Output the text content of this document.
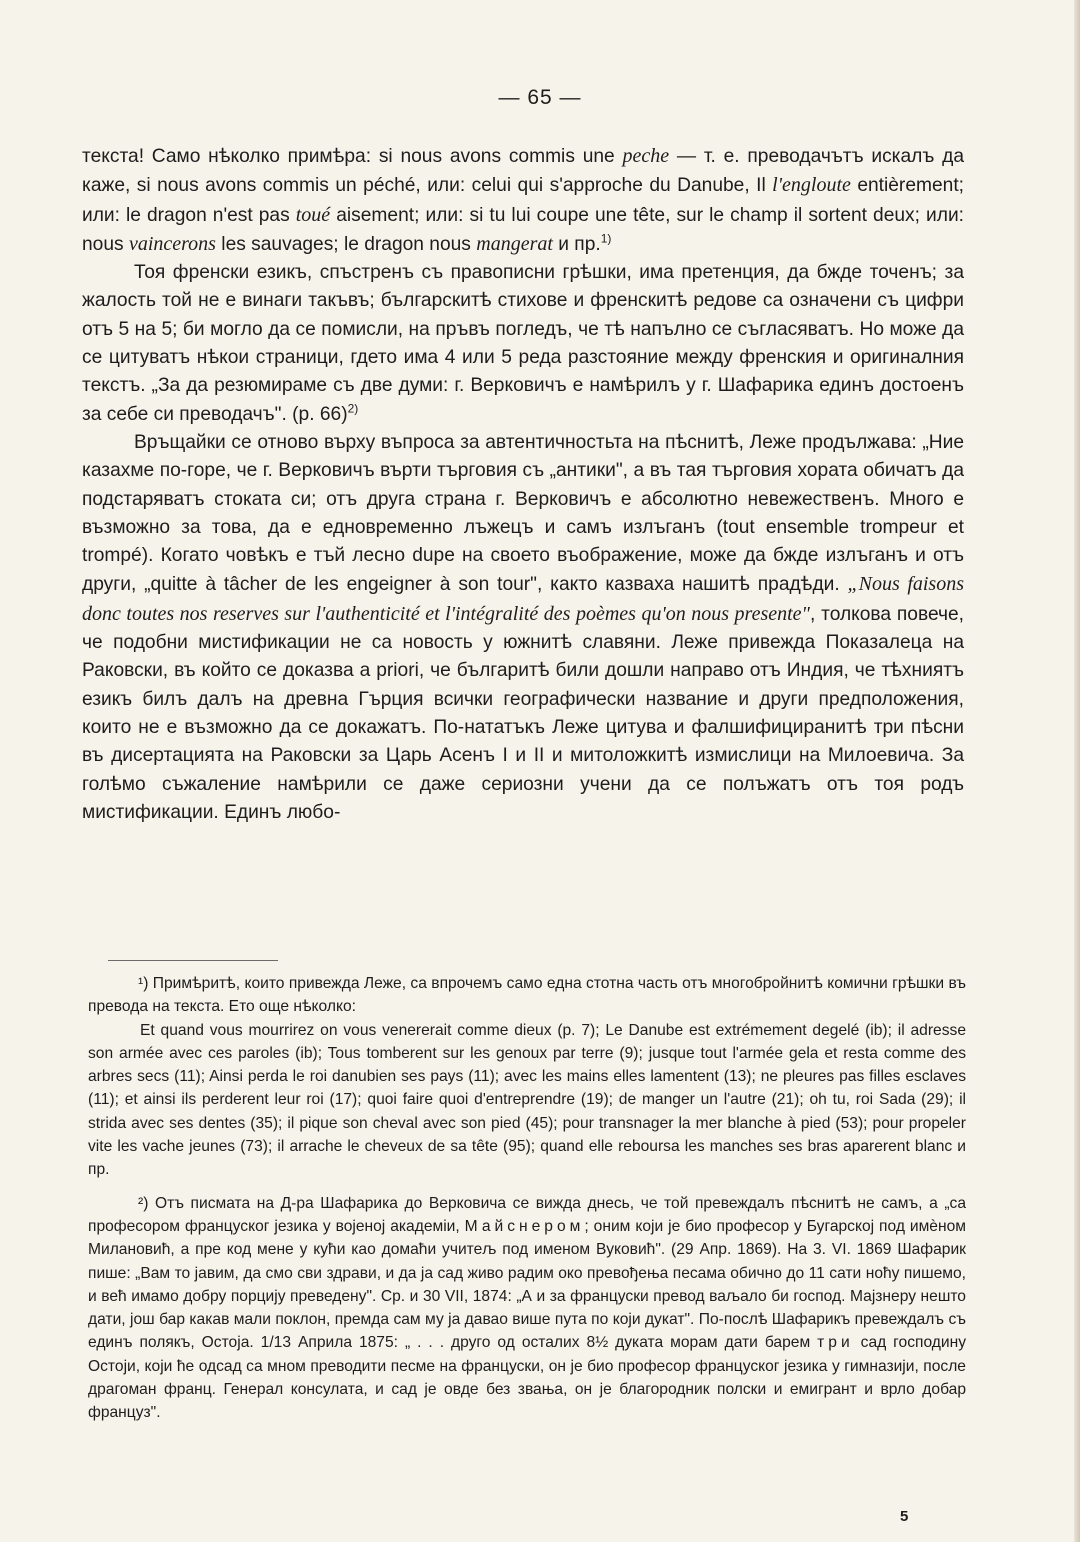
— 65 —

текста! Само нѣколко примѣра: si nous avons commis une peche — т. е. преводачътъ искалъ да каже, si nous avons commis un péché, или: celui qui s'approche du Danube, Il l'engloute entièrement; или: le dragon n'est pas toué aisement; или: si tu lui coupe une tête, sur le champ il sortent deux; или: nous vaincerons les sauvages; le dragon nous mangerat и пр.$^{1)}$

Тоя френски езикъ, спъстренъ съ правописни грѣшки, има претенция, да бжде точенъ; за жалость той не е винаги такъвъ; българскитѣ стихове и френскитѣ редове са означени съ цифри отъ 5 на 5; би могло да се помисли, на пръвъ погледъ, че тѣ напълно се съгласяватъ. Но може да се цитуватъ нѣкои страници, гдето има 4 или 5 реда разстояние между френския и оригиналния текстъ. „За да резюмираме съ две думи: г. Верковичъ е намѣрилъ у г. Шафарика единъ достоенъ за себе си преводачъ". (р. 66)$^{2)}$

Връщайки се отново върху въпроса за автентичностьта на пѣснитѣ, Леже продължава: „Ние казахме по-горе, че г. Верковичъ върти търговия съ „антики", а въ тая търговия хората обичатъ да подстаряватъ стоката си; отъ друга страна г. Верковичъ е абсолютно невежественъ. Много е възможно за това, да е едновременно лъжецъ и самъ излъганъ (tout ensemble trompeur et trompé). Когато човѣкъ е тъй лесно dupe на своето въображение, може да бжде излъганъ и отъ други, „quitte à tâcher de les engeigner à son tour", както казваха нашитѣ прадѣди. „Nous faisons donc toutes nos reserves sur l'authenticité et l'intégralité des poèmes qu'on nous presente", толкова повече, че подобни мистификации не са новость у южнитѣ славяни. Леже привежда Показалеца на Раковски, въ който се доказва а priori, че българитѣ били дошли направо отъ Индия, че тѣхниятъ езикъ билъ далъ на древна Гърция всички географически название и други предположения, които не е възможно да се докажатъ. По-нататъкъ Леже цитува и фалшифициранитѣ три пѣсни въ дисертацията на Раковски за Царь Асенъ I и II и митоложкитѣ измислици на Милоевича. За голѣмо съжаление намѣрили се даже сериозни учени да се полъжатъ отъ тоя родъ мистификации. Единъ любо-

¹) Примѣритѣ, които привежда Леже, са впрочемъ само една стотна часть отъ многобройнитѣ комични грѣшки въ превода на текста. Ето още нѣколко:

Et quand vous mourrirez on vous venererait comme dieux (p. 7); Le Danube est extrémement degelé (ib); il adresse son armée avec ces paroles (ib); Tous tomberent sur les genoux par terre (9); jusque tout l'armée gela et resta comme des arbres secs (11); Ainsi perda le roi danubien ses pays (11); avec les mains elles lamentent (13); ne pleures pas filles esclaves (11); et ainsi ils perderent leur roi (17); quoi faire quoi d'entreprendre (19); de manger un l'autre (21); oh tu, roi Sada (29); il strida avec ses dentes (35); il pique son cheval avec son pied (45); pour transnager la mer blanche à pied (53); pour propeler vite les vache jeunes (73); il arrache le cheveux de sa tête (95); quand elle reboursa les manches ses bras aparerent blanc и пр.

²) Отъ писмата на Д-ра Шафарика до Верковича се вижда днесь, че той превеждалъ пѣснитѣ не самъ, а „са професором француског језика у војеној академіи, Майснером; оним који је био професор у Бугарској под имѐном Милановић, а пре код мене у кући као домаћи учитељ под именом Вуковић". (29 Апр. 1869). На 3. VI. 1869 Шафарик пише: „Вам то јавим, да смо сви здрави, и да ја сад живо радим око превођења песама обично до 11 сати ноћу пишемо, и већ имамо добру порцију преведену". Ср. и 30 VII, 1874: „А и за француски превод ваљало би господ. Мајзнеру нешто дати, још бар какав мали поклон, премда сам му ја давао више пута по који дукат". По-послѣ Шафарикъ превеждалъ съ единъ полякъ, Остоја. 1/13 Априла 1875: „ . . . друго од осталих 8½ дуката морам дати барем три сад господину Остоји, који ће одсад са мном преводити песме на француски, он је био професор француског језика у гимназији, после драгоман франц. Генерал консулата, и сад је овде без звања, он је благородник полски и емигрант и врло добар француз".

5
